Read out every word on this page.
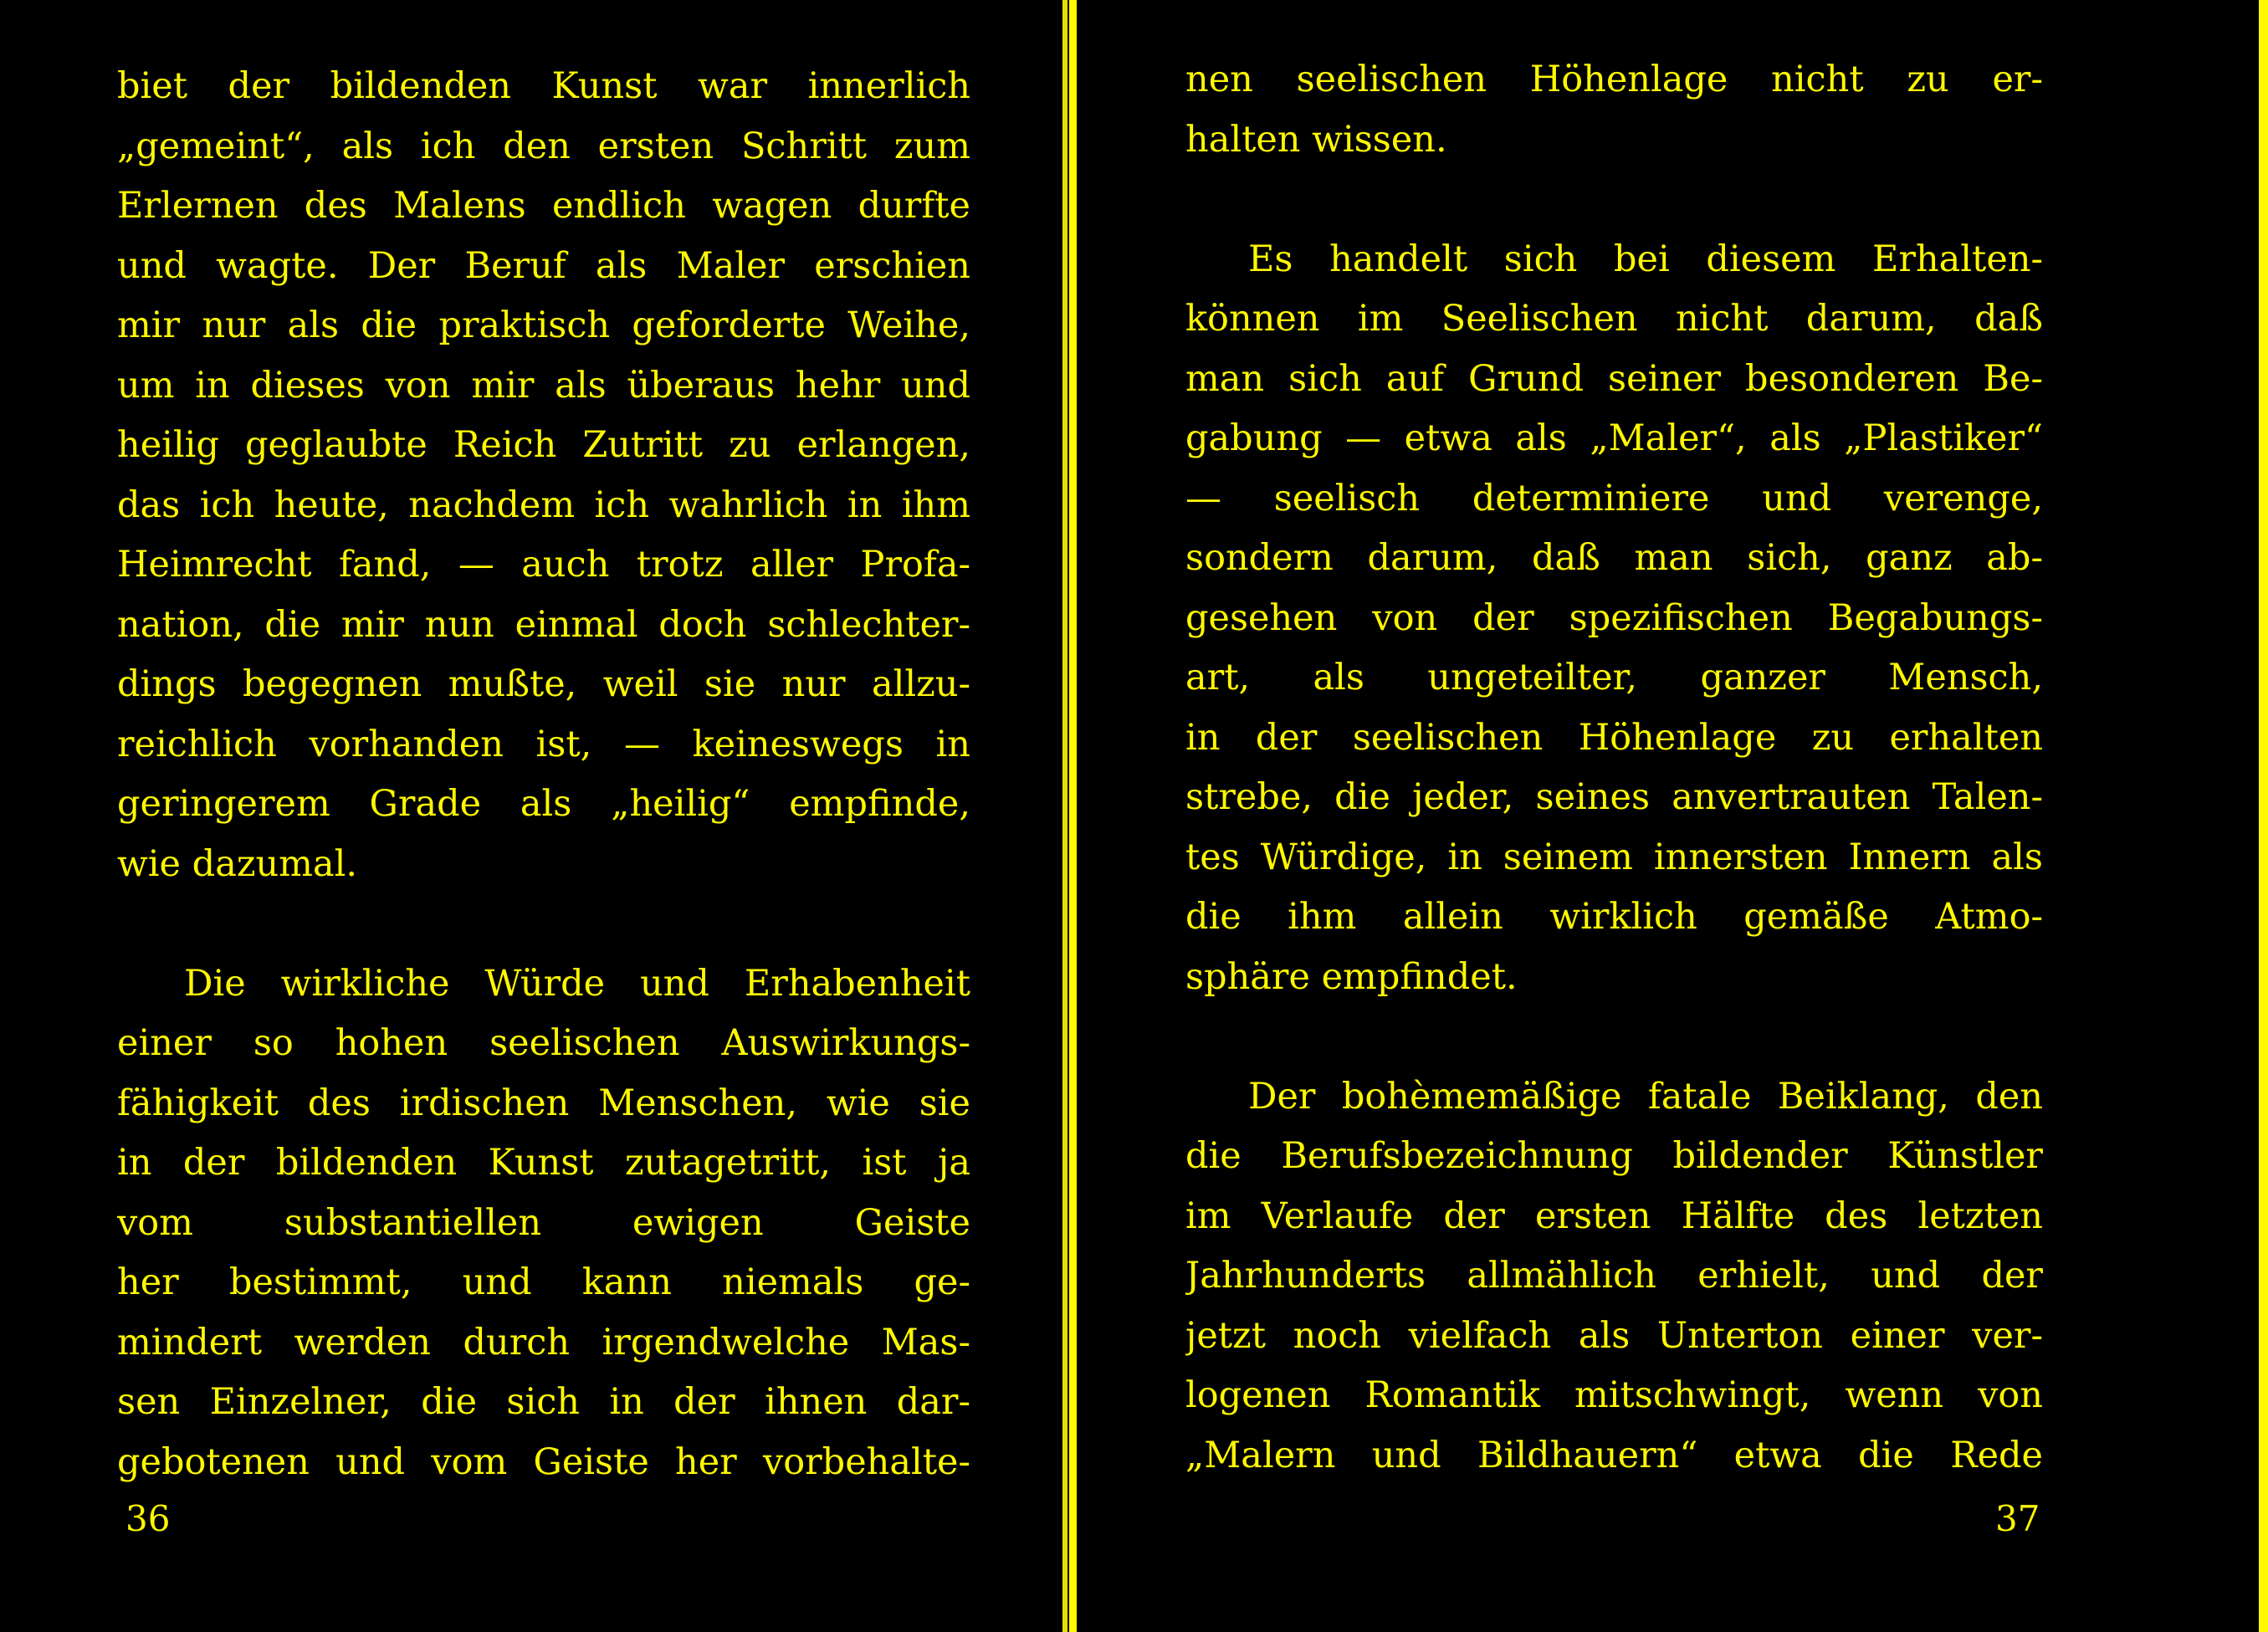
biet der bildenden Kunst war innerlich
„gemeint“, als ich den ersten Schritt zum
Erlernen des Malens endlich wagen durfte
und wagte. Der Beruf als Maler erschien
mir nur als die praktisch geforderte Weihe,
um in dieses von mir als überaus hehr und
heilig geglaubte Reich Zutritt zu erlangen,
das ich heute, nachdem ich wahrlich in ihm
Heimrecht fand, — auch trotz aller Profa-
nation, die mir nun einmal doch schlechter-
dings begegnen mußte, weil sie nur allzu-
reichlich vorhanden ist, — keineswegs in
geringerem Grade als „heilig“ empfinde,
wie dazumal.
Die wirkliche Würde und Erhabenheit
einer so hohen seelischen Auswirkungs-
fähigkeit des irdischen Menschen, wie sie
in der bildenden Kunst zutagetritt, ist ja
vom substantiellen ewigen Geiste
her bestimmt, und kann niemals ge-
mindert werden durch irgendwelche Mas-
sen Einzelner, die sich in der ihnen dar-
gebotenen und vom Geiste her vorbehalte-
36
nen seelischen Höhenlage nicht zu er-
halten wissen.
Es handelt sich bei diesem Erhalten-
können im Seelischen nicht darum, daß
man sich auf Grund seiner besonderen Be-
gabung — etwa als „Maler“, als „Plastiker“
— seelisch determiniere und verenge,
sondern darum, daß man sich, ganz ab-
gesehen von der spezifischen Begabungs-
art, als ungeteilter, ganzer Mensch,
in der seelischen Höhenlage zu erhalten
strebe, die jeder, seines anvertrauten Talen-
tes Würdige, in seinem innersten Innern als
die ihm allein wirklich gemäße Atmo-
sphäre empfindet.
Der bohèmemäßige fatale Beiklang, den
die Berufsbezeichnung bildender Künstler
im Verlaufe der ersten Hälfte des letzten
Jahrhunderts allmählich erhielt, und der
jetzt noch vielfach als Unterton einer ver-
logenen Romantik mitschwingt, wenn von
„Malern und Bildhauern“ etwa die Rede
37
